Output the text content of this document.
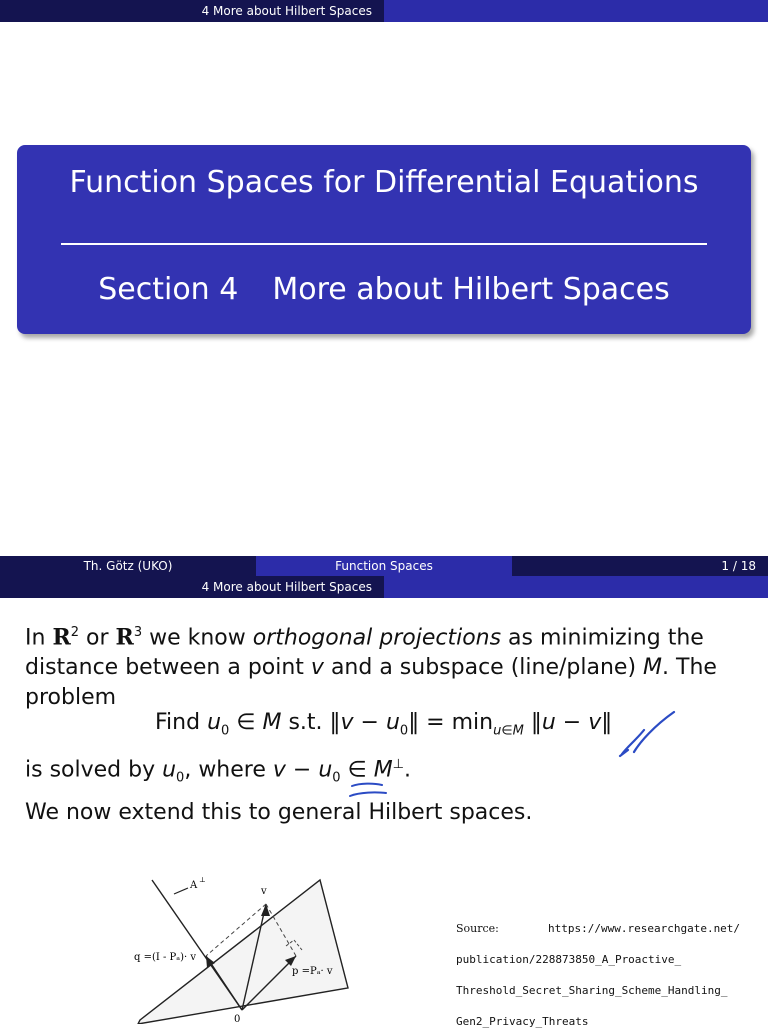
4 More about Hilbert Spaces
Function Spaces for Differential Equations
Section 4 More about Hilbert Spaces
Th. Götz (UKO)	Function Spaces	1 / 18
4 More about Hilbert Spaces
In $R^2$ or $R^3$ we know orthogonal projections as minimizing the distance between a point v and a subspace (line/plane) M. The problem
Find $u_0$ ∈ M s.t. ‖v − $u_0‖ = \min_{u\in M}$ ‖u − v‖
is solved by $u_0$, where $v - u_0$ ∈ M⊥.
We now extend this to general Hilbert spaces.
A ⊥
v
q =(I - Pₐ)· v
p =Pₐ· v
0
Source:	https://www.researchgate.net/
publication/228873850_A_Proactive_
Threshold_Secret_Sharing_Scheme_Handling_
Gen2_Privacy_Threats
